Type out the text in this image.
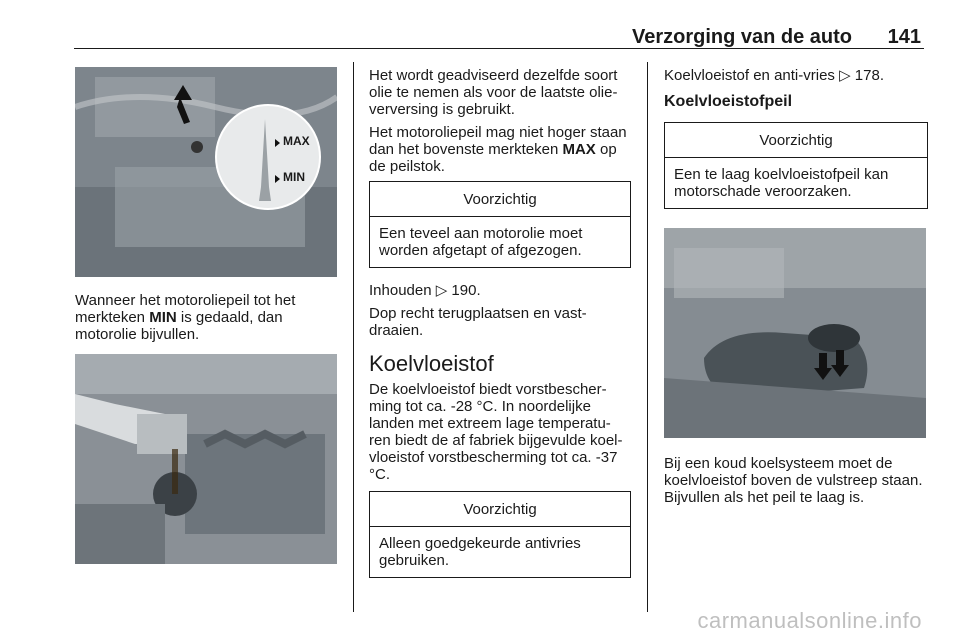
Verzorging van de auto 141
MAX
MIN

Wanneer het motoroliepeil tot het merkteken MIN is gedaald, dan motorolie bijvullen.

Het wordt geadviseerd dezelfde soort olie te nemen als voor de laatste olie-verversing is gebruikt.

Het motoroliepeil mag niet hoger staan dan het bovenste merkteken MAX op de peilstok.

Voorzichtig
Een teveel aan motorolie moet worden afgetapt of afgezogen.

Inhouden ▷ 190.

Dop recht terugplaatsen en vast-draaien.

Koelvloeistof

De koelvloeistof biedt vorstbescher-ming tot ca. -28 °C. In noordelijke landen met extreem lage temperatu-ren biedt de af fabriek bijgevulde koel-vloeistof vorstbescherming tot ca. -37 °C.

Voorzichtig
Alleen goedgekeurde antivries gebruiken.

Koelvloeistof en anti-vries ▷ 178.

Koelvloeistofpeil
Voorzichtig
Een te laag koelvloeistofpeil kan motorschade veroorzaken.

Bij een koud koelsysteem moet de koelvloeistof boven de vulstreep staan. Bijvullen als het peil te laag is.

carmanualsonline.info
